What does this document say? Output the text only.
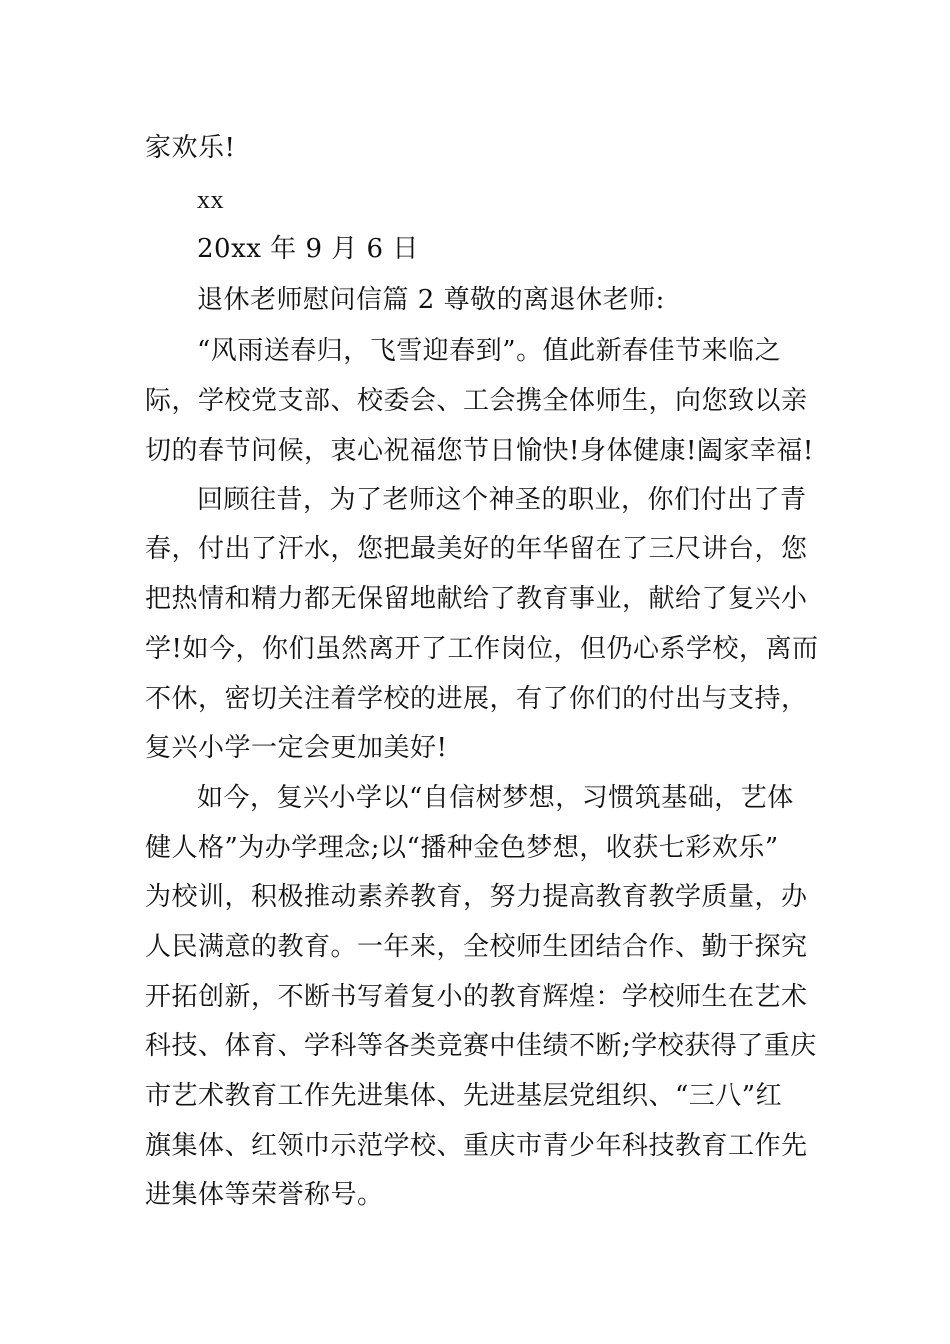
家欢乐!
xx
20xx 年 9 月 6 日
退休老师慰问信篇 2 尊敬的离退休老师:
“风雨送春归，飞雪迎春到”。值此新春佳节来临之
际，学校党支部、校委会、工会携全体师生，向您致以亲
切的春节问候，衷心祝福您节日愉快!身体健康!阖家幸福!
回顾往昔，为了老师这个神圣的职业，你们付出了青
春，付出了汗水，您把最美好的年华留在了三尺讲台，您
把热情和精力都无保留地献给了教育事业，献给了复兴小
学!如今，你们虽然离开了工作岗位，但仍心系学校，离而
不休，密切关注着学校的进展，有了你们的付出与支持，
复兴小学一定会更加美好!
如今，复兴小学以“自信树梦想，习惯筑基础，艺体
健人格”为办学理念;以“播种金色梦想，收获七彩欢乐”
为校训，积极推动素养教育，努力提高教育教学质量，办
人民满意的教育。一年来，全校师生团结合作、勤于探究
开拓创新，不断书写着复小的教育辉煌：学校师生在艺术
科技、体育、学科等各类竞赛中佳绩不断;学校获得了重庆
市艺术教育工作先进集体、先进基层党组织、“三八”红
旗集体、红领巾示范学校、重庆市青少年科技教育工作先
进集体等荣誉称号。
